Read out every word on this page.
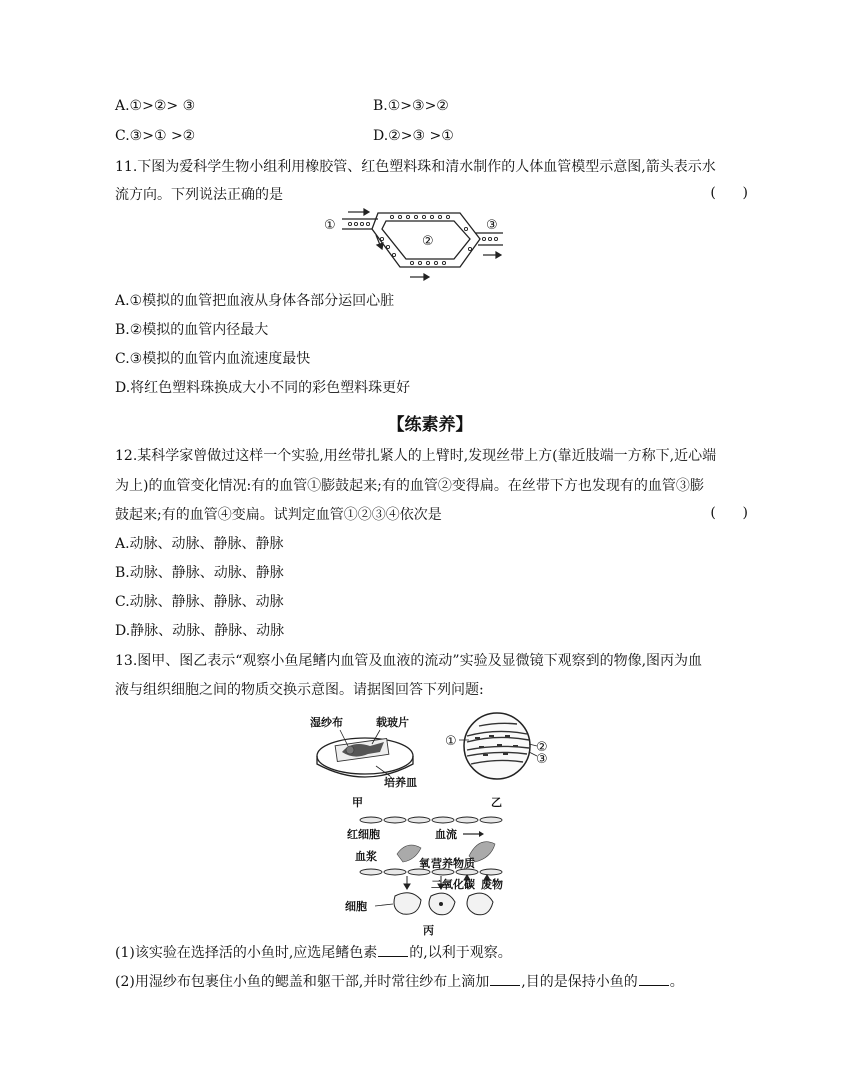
A.①>②> ③	B.①>③>②
C.③>① >②	D.②>③ >①
11.下图为爱科学生物小组利用橡胶管、红色塑料珠和清水制作的人体血管模型示意图,箭头表示水
流方向。下列说法正确的是	(      )
①
②
③
A.①模拟的血管把血液从身体各部分运回心脏
B.②模拟的血管内径最大
C.③模拟的血管内血流速度最快
D.将红色塑料珠换成大小不同的彩色塑料珠更好
【练素养】
12.某科学家曾做过这样一个实验,用丝带扎紧人的上臂时,发现丝带上方(靠近肢端一方称下,近心端
为上)的血管变化情况:有的血管①膨鼓起来;有的血管②变得扁。在丝带下方也发现有的血管③膨
鼓起来;有的血管④变扁。试判定血管①②③④依次是	(      )
A.动脉、动脉、静脉、静脉
B.动脉、静脉、动脉、静脉
C.动脉、静脉、静脉、动脉
D.静脉、动脉、静脉、动脉
13.图甲、图乙表示“观察小鱼尾鳍内血管及血液的流动”实验及显微镜下观察到的物像,图丙为血
液与组织细胞之间的物质交换示意图。请据图回答下列问题:
湿纱布	载玻片
培养皿
甲
①	②
③
乙
红细胞	血流
血浆
氧 营养物质
二氧化碳 废物
细胞
丙
(1)该实验在选择活的小鱼时,应选尾鳍色素 的,以利于观察。
(2)用湿纱布包裹住小鱼的鳃盖和躯干部,并时常往纱布上滴加 ,目的是保持小鱼的 。
